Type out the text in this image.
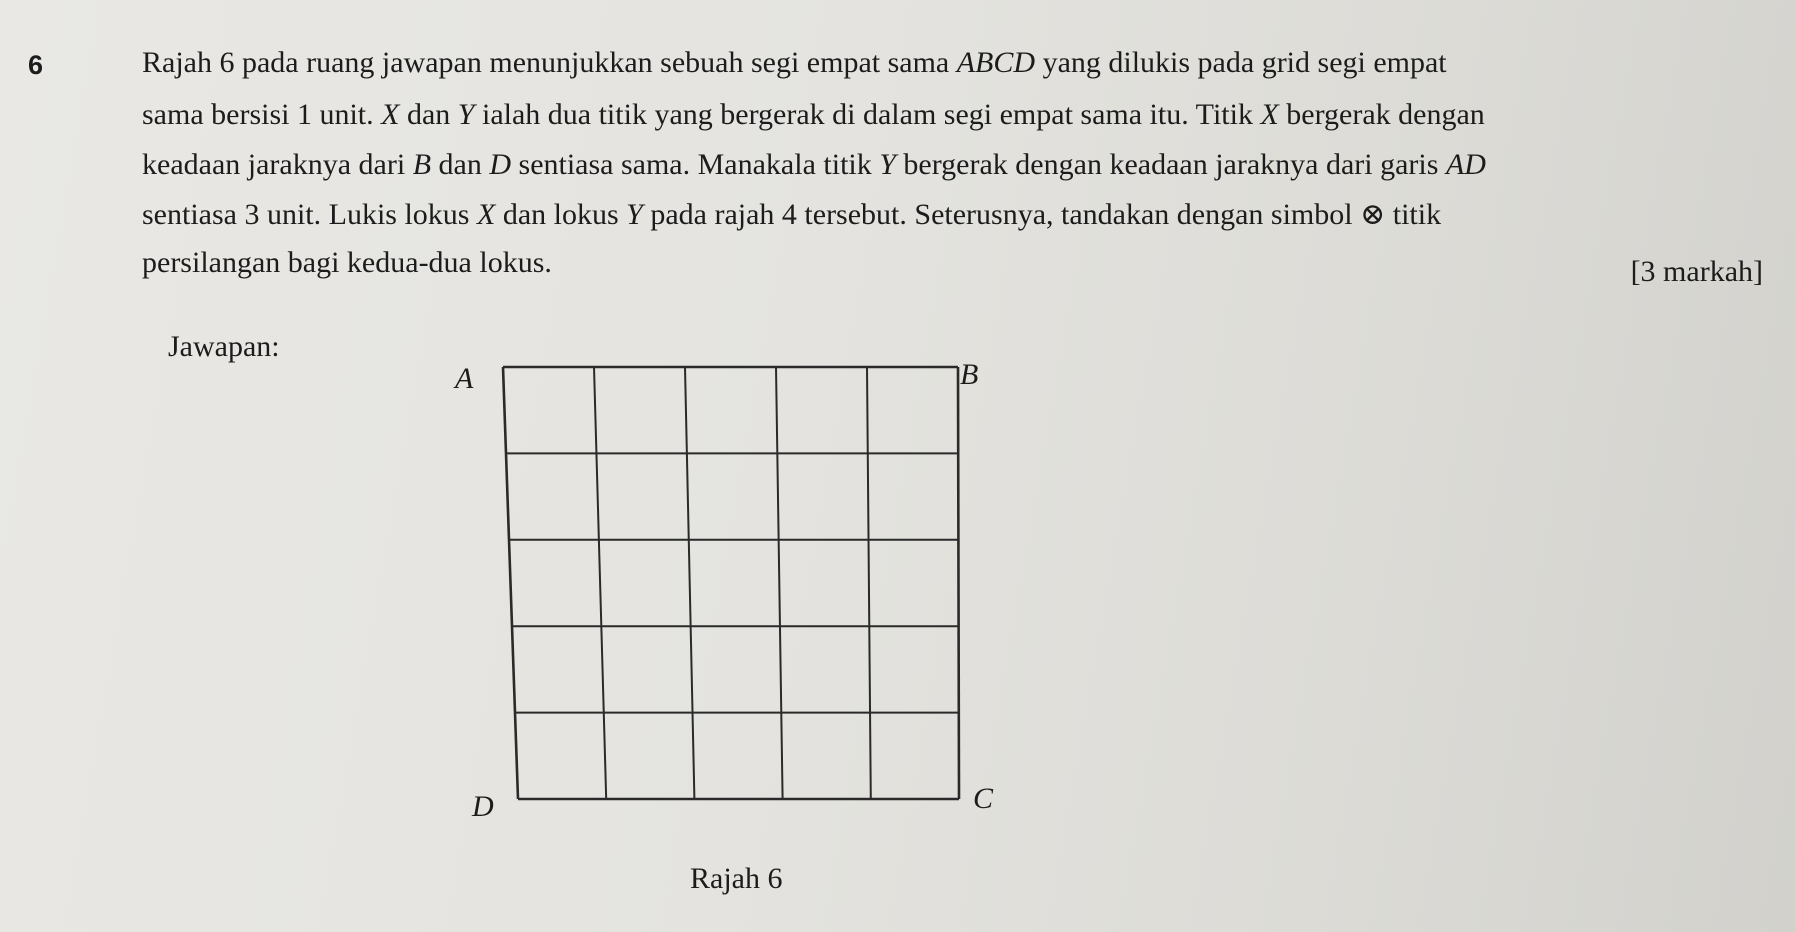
6	Rajah 6 pada ruang jawapan menunjukkan sebuah segi empat sama ABCD yang dilukis pada grid segi empat
sama bersisi 1 unit. X dan Y ialah dua titik yang bergerak di dalam segi empat sama itu. Titik X bergerak dengan
keadaan jaraknya dari B dan D sentiasa sama. Manakala titik Y bergerak dengan keadaan jaraknya dari garis AD
sentiasa 3 unit. Lukis lokus X dan lokus Y pada rajah 4 tersebut. Seterusnya, tandakan dengan simbol ⊗ titik
persilangan bagi kedua-dua lokus.	[3 markah]
Jawapan:
A	B
C
D
Rajah 6
